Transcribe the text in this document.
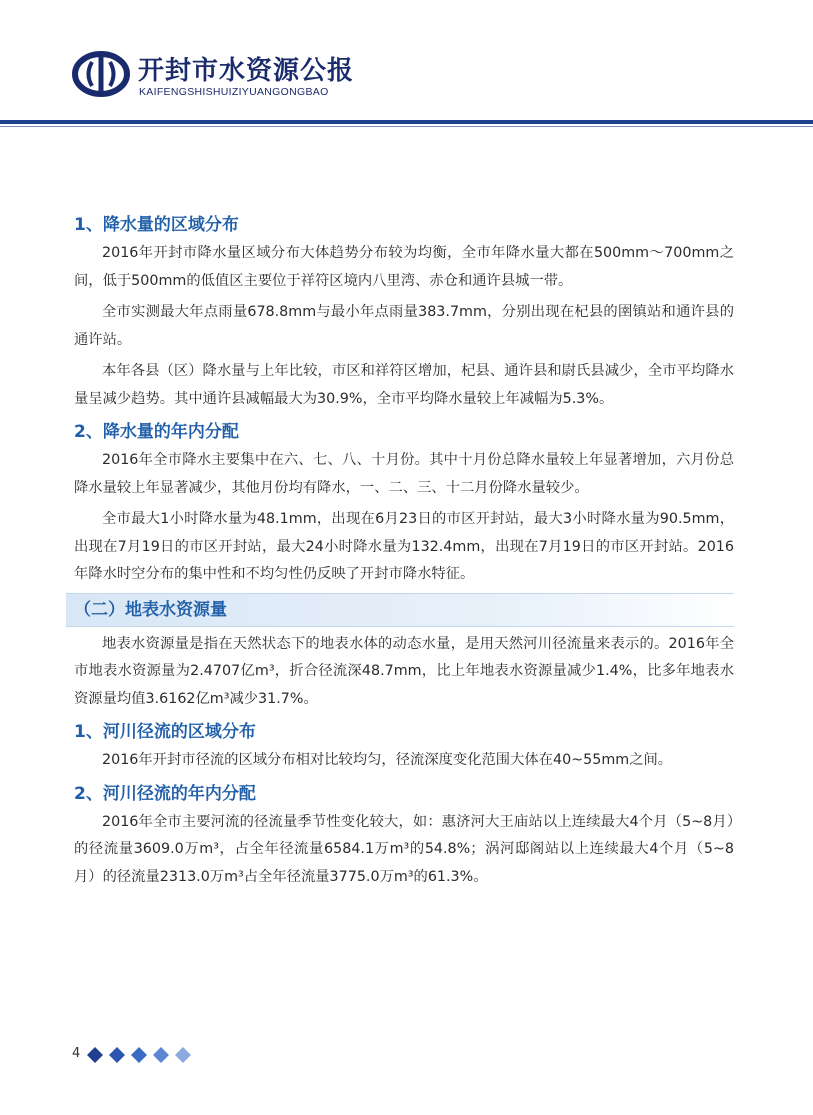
开封市水资源公报
KAIFENGSHISHUIZIYUANGONGBAO
1、降水量的区域分布

2016年开封市降水量区域分布大体趋势分布较为均衡，全市年降水量大都在500mm～700mm之间，低于500mm的低值区主要位于祥符区境内八里湾、赤仓和通许县城一带。

全市实测最大年点雨量678.8mm与最小年点雨量383.7mm，分别出现在杞县的圉镇站和通许县的通许站。

本年各县（区）降水量与上年比较，市区和祥符区增加，杞县、通许县和尉氏县减少，全市平均降水量呈减少趋势。其中通许县减幅最大为30.9%，全市平均降水量较上年减幅为5.3%。

2、降水量的年内分配

2016年全市降水主要集中在六、七、八、十月份。其中十月份总降水量较上年显著增加，六月份总降水量较上年显著减少，其他月份均有降水，一、二、三、十二月份降水量较少。

全市最大1小时降水量为48.1mm，出现在6月23日的市区开封站，最大3小时降水量为90.5mm，出现在7月19日的市区开封站，最大24小时降水量为132.4mm，出现在7月19日的市区开封站。2016年降水时空分布的集中性和不均匀性仍反映了开封市降水特征。

（二）地表水资源量

地表水资源量是指在天然状态下的地表水体的动态水量，是用天然河川径流量来表示的。2016年全市地表水资源量为2.4707亿m³，折合径流深48.7mm，比上年地表水资源量减少1.4%，比多年地表水资源量均值3.6162亿m³减少31.7%。

1、河川径流的区域分布

2016年开封市径流的区域分布相对比较均匀，径流深度变化范围大体在40~55mm之间。

2、河川径流的年内分配

2016年全市主要河流的径流量季节性变化较大，如：惠济河大王庙站以上连续最大4个月（5~8月）的径流量3609.0万m³，占全年径流量6584.1万m³的54.8%；涡河邸阁站以上连续最大4个月（5~8月）的径流量2313.0万m³占全年径流量3775.0万m³的61.3%。

4
